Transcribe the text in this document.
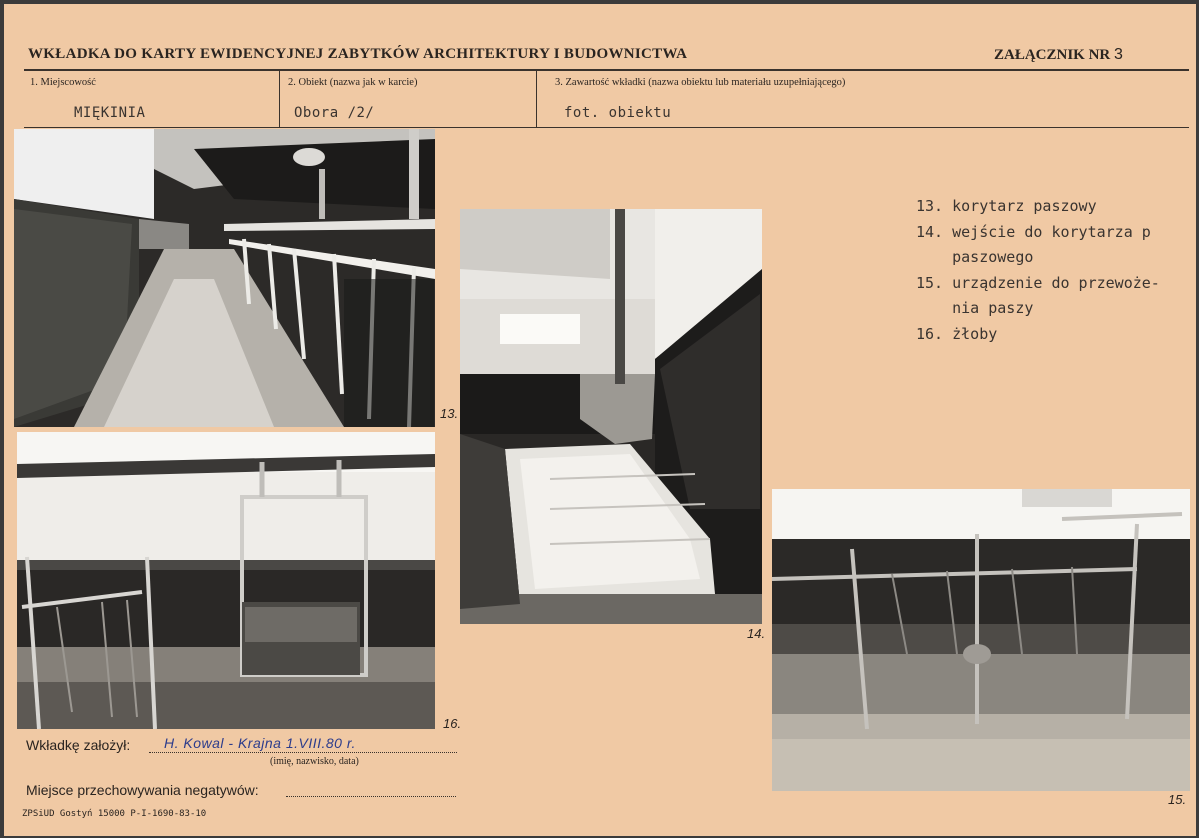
WKŁADKA DO KARTY EWIDENCYJNEJ ZABYTKÓW ARCHITEKTURY I BUDOWNICTWA	ZAŁĄCZNIK NR 3
1. Miejscowość	2. Obiekt (nazwa jak w karcie)	3. Zawartość wkładki (nazwa obiektu lub materiału uzupełniającego)
MIĘKINIA	Obora /2/	fot. obiektu
13.
16.
14.
15.
13. korytarz paszowy
14. wejście do korytarza p
paszowego
15. urządzenie do przewoże-
nia paszy
16. żłoby
Wkładkę założył: H. Kowal - Krajna 1.VIII.80 r.
(imię, nazwisko, data)
Miejsce przechowywania negatywów:
ZPSiUD Gostyń 15000 P-I-1690-83-10
